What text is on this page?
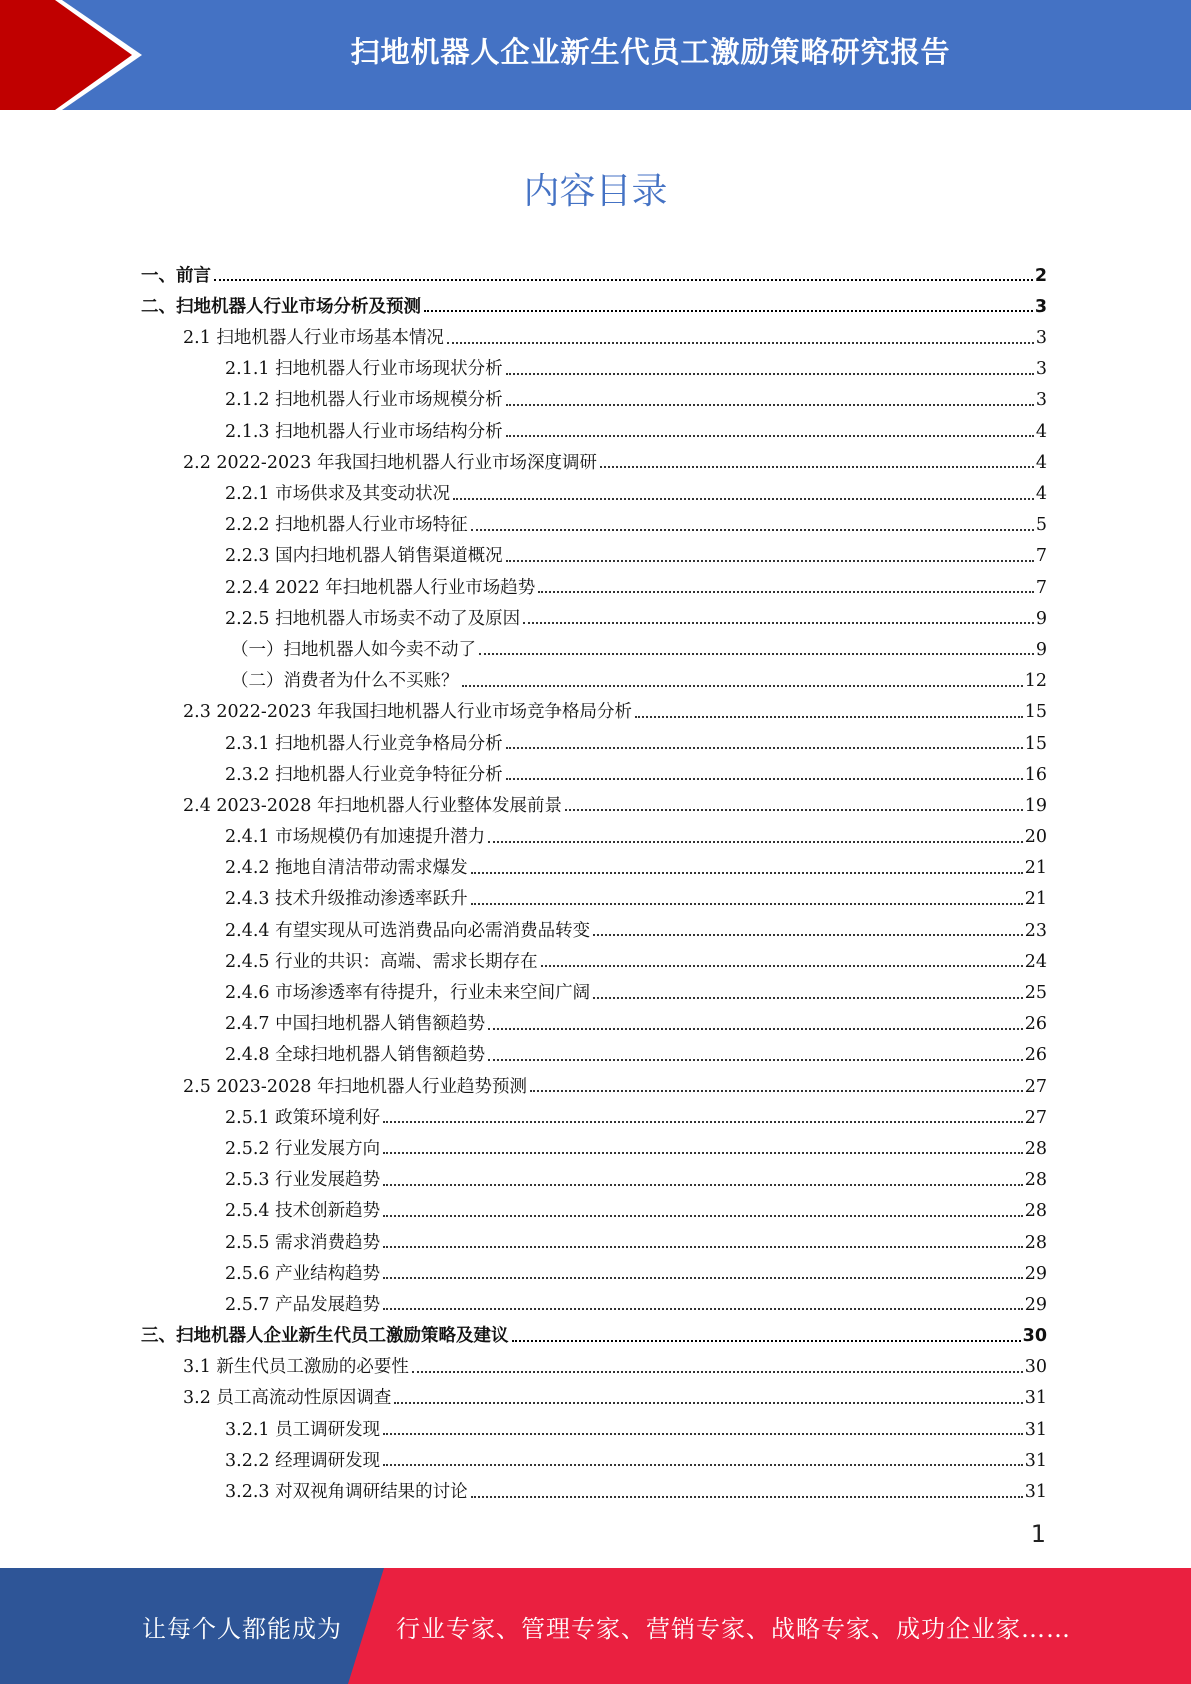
扫地机器人企业新生代员工激励策略研究报告
内容目录
一、前言	2
二、扫地机器人行业市场分析及预测	3
2.1 扫地机器人行业市场基本情况	3
2.1.1 扫地机器人行业市场现状分析	3
2.1.2 扫地机器人行业市场规模分析	3
2.1.3 扫地机器人行业市场结构分析	4
2.2 2022-2023 年我国扫地机器人行业市场深度调研	4
2.2.1 市场供求及其变动状况	4
2.2.2 扫地机器人行业市场特征	5
2.2.3 国内扫地机器人销售渠道概况	7
2.2.4 2022 年扫地机器人行业市场趋势	7
2.2.5 扫地机器人市场卖不动了及原因	9
（一）扫地机器人如今卖不动了	9
（二）消费者为什么不买账？	12
2.3 2022-2023 年我国扫地机器人行业市场竞争格局分析	15
2.3.1 扫地机器人行业竞争格局分析	15
2.3.2 扫地机器人行业竞争特征分析	16
2.4 2023-2028 年扫地机器人行业整体发展前景	19
2.4.1 市场规模仍有加速提升潜力	20
2.4.2 拖地自清洁带动需求爆发	21
2.4.3 技术升级推动渗透率跃升	21
2.4.4 有望实现从可选消费品向必需消费品转变	23
2.4.5 行业的共识：高端、需求长期存在	24
2.4.6 市场渗透率有待提升，行业未来空间广阔	25
2.4.7 中国扫地机器人销售额趋势	26
2.4.8 全球扫地机器人销售额趋势	26
2.5 2023-2028 年扫地机器人行业趋势预测	27
2.5.1 政策环境利好	27
2.5.2 行业发展方向	28
2.5.3 行业发展趋势	28
2.5.4 技术创新趋势	28
2.5.5 需求消费趋势	28
2.5.6 产业结构趋势	29
2.5.7 产品发展趋势	29
三、扫地机器人企业新生代员工激励策略及建议	30
3.1 新生代员工激励的必要性	30
3.2 员工高流动性原因调查	31
3.2.1 员工调研发现	31
3.2.2 经理调研发现	31
3.2.3 对双视角调研结果的讨论	31
1
让每个人都能成为 行业专家、管理专家、营销专家、战略专家、成功企业家……
